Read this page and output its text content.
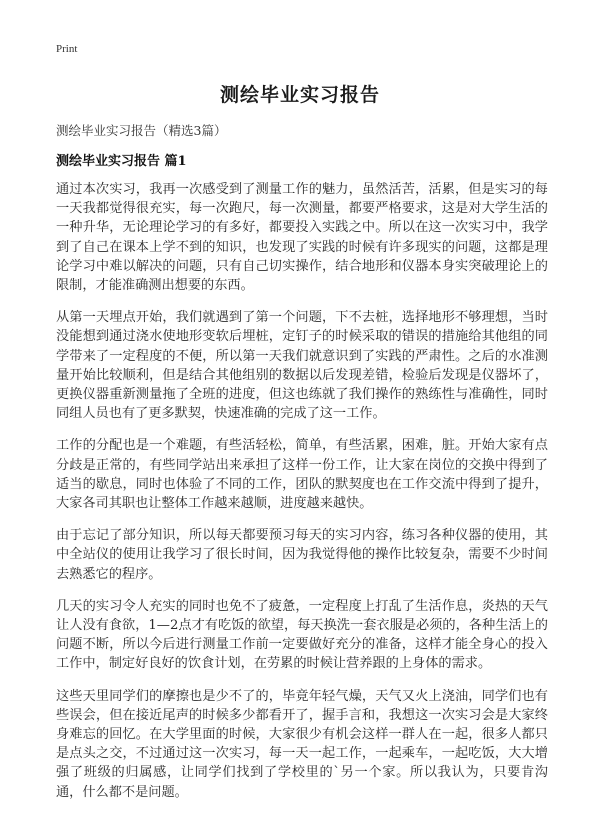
Print
测绘毕业实习报告

测绘毕业实习报告（精选3篇）

测绘毕业实习报告 篇1

通过本次实习，我再一次感受到了测量工作的魅力，虽然活苦，活累，但是实习的每一天我都觉得很充实，每一次跑尺，每一次测量，都要严格要求，这是对大学生活的一种升华，无论理论学习的有多好，都要投入实践之中。所以在这一次实习中，我学到了自己在课本上学不到的知识，也发现了实践的时候有许多现实的问题，这都是理论学习中难以解决的问题，只有自己切实操作，结合地形和仪器本身实突破理论上的限制，才能准确测出想要的东西。

从第一天埋点开始，我们就遇到了第一个问题，下不去桩，选择地形不够理想，当时没能想到通过浇水使地形变软后埋桩，定钉子的时候采取的错误的措施给其他组的同学带来了一定程度的不便，所以第一天我们就意识到了实践的严肃性。之后的水准测量开始比较顺利，但是结合其他组别的数据以后发现差错，检验后发现是仪器坏了，更换仪器重新测量拖了全班的进度，但这也练就了我们操作的熟练性与准确性，同时同组人员也有了更多默契，快速准确的完成了这一工作。

工作的分配也是一个难题，有些活轻松，简单，有些活累，困难，脏。开始大家有点分歧是正常的，有些同学站出来承担了这样一份工作，让大家在岗位的交换中得到了适当的歇息，同时也体验了不同的工作，团队的默契度也在工作交流中得到了提升，大家各司其职也让整体工作越来越顺，进度越来越快。

由于忘记了部分知识，所以每天都要预习每天的实习内容，练习各种仪器的使用，其中全站仪的使用让我学习了很长时间，因为我觉得他的操作比较复杂，需要不少时间去熟悉它的程序。

几天的实习令人充实的同时也免不了疲惫，一定程度上打乱了生活作息，炎热的天气让人没有食欲，1—2点才有吃饭的欲望，每天换洗一套衣服是必须的，各种生活上的问题不断，所以今后进行测量工作前一定要做好充分的准备，这样才能全身心的投入工作中，制定好良好的饮食计划，在劳累的时候让营养跟的上身体的需求。

这些天里同学们的摩擦也是少不了的，毕竟年轻气燥，天气又火上浇油，同学们也有些误会，但在接近尾声的时候多少都看开了，握手言和，我想这一次实习会是大家终身难忘的回忆。在大学里面的时候，大家很少有机会这样一群人在一起，很多人都只是点头之交，不过通过这一次实习，每一天一起工作，一起乘车，一起吃饭，大大增强了班级的归属感，让同学们找到了学校里的`另一个家。所以我认为，只要肯沟通，什么都不是问题。
